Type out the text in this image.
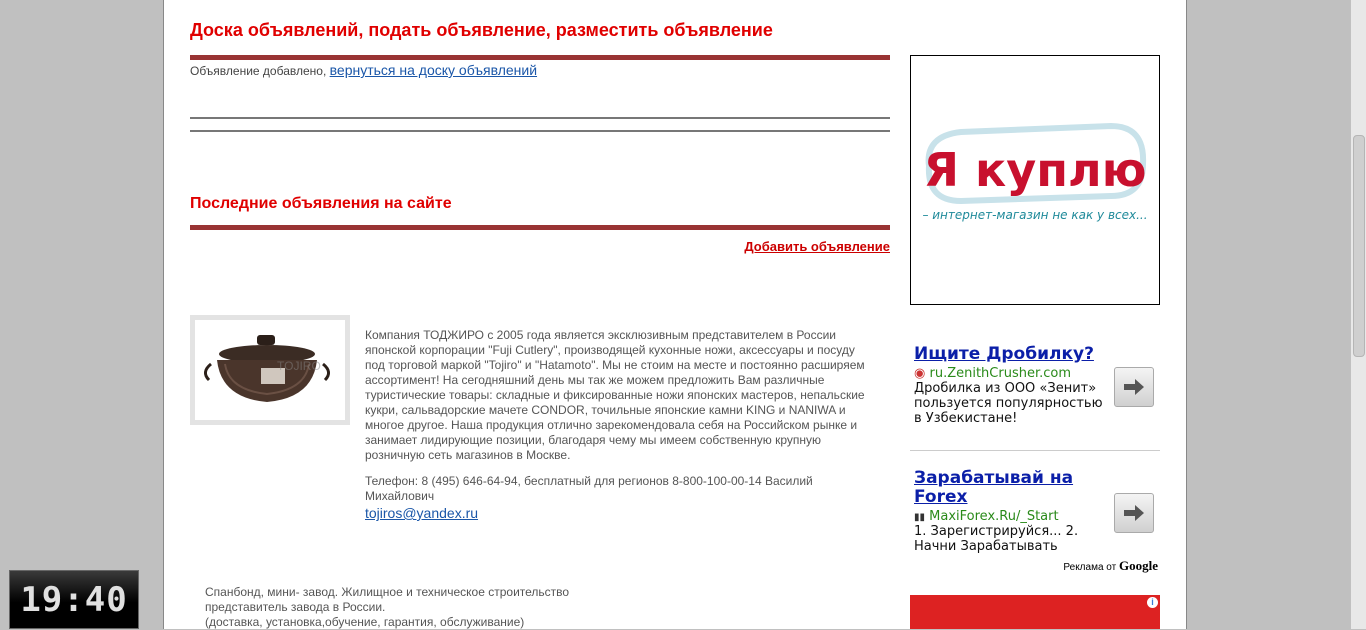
Доска объявлений, подать объявление, разместить объявление
Объявление добавлено, вернуться на доску объявлений
Последние объявления на сайте
Добавить объявление
TOJIRO
Компания ТОДЖИРО с 2005 года является эксклюзивным представителем в России японской корпорации "Fuji Cutlery", производящей кухонные ножи, аксессуары и посуду под торговой маркой "Tojiro" и "Hatamoto". Мы не стоим на месте и постоянно расширяем ассортимент! На сегодняшний день мы так же можем предложить Вам различные туристические товары: складные и фиксированные ножи японских мастеров, непальские кукри, сальвадорские мачете CONDOR, точильные японские камни KING и NANIWA и многое другое. Наша продукция отлично зарекомендовала себя на Российском рынке и занимает лидирующие позиции, благодаря чему мы имеем собственную крупную розничную сеть магазинов в Москве.
Телефон: 8 (495) 646-64-94, бесплатный для регионов 8-800-100-00-14 Василий Михайлович
tojiros@yandex.ru
Спанбонд, мини- завод. Жилищное и техническое строительство
представитель завода в России.
(доставка, установка,обучение, гарантия, обслуживание)
Я куплю
– интернет-магазин не как у всех...
Ищите Дробилку?
◉ ru.ZenithCrusher.com
Дробилка из ООО «Зенит» пользуется популярностью в Узбекистане!
Зарабатывай на Forex
▮▮ MaxiForex.Ru/_Start
1. Зарегистрируйся... 2. Начни Зарабатывать
Реклама от Google
i
19:40
